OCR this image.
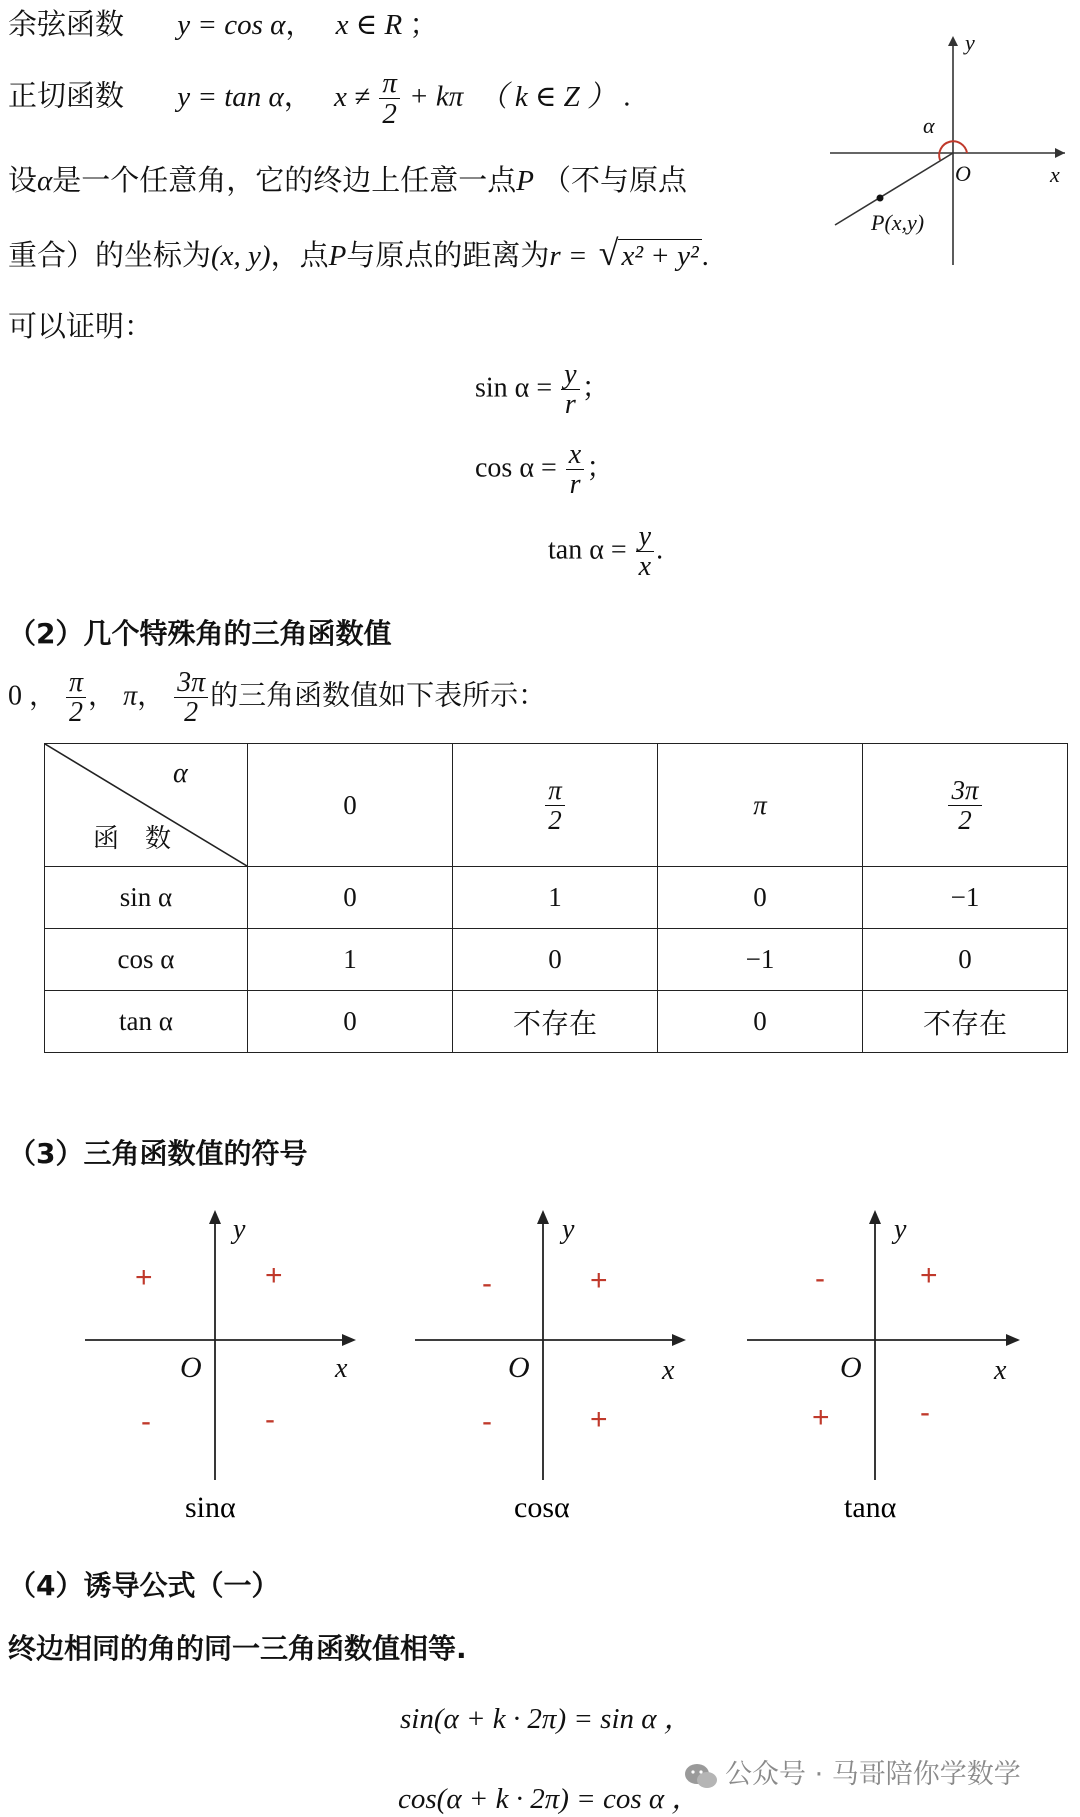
余弦函数 y = cos α， x ∈ R ；
正切函数 y = tan α， $x \ne \frac{\pi}{2} + k\pi$ （ k ∈ Z ） .
设α是一个任意角，它的终边上任意一点P （不与原点
重合）的坐标为(x, y)，点P与原点的距离为r = √ x² + y² .
可以证明：
α
y
x
O
P(x,y)
$\sin \alpha = \frac{y}{r}$ ；
$\cos \alpha = \frac{x}{r}$ ；
$\tan \alpha = \frac{y}{x}$ .
（2）几个特殊角的三角函数值
0 ， $\frac{\pi}{2}$ ， π， $\frac{3\pi}{2}$ 的三角函数值如下表所示：
α
函　数	0	$\frac{\pi}{2}$	π	$\frac{3\pi}{2}$

sin α	0	1	0	−1
cos α	1	0	−1	0
tan α	0	不存在	0	不存在
（3）三角函数值的符号
y
x
O
+
+
-	-
sinα
y
x
O
+
-
-	+
cosα
y
x
O
+
-
+	-
tanα
（4）诱导公式（一）
终边相同的角的同一三角函数值相等.
sin(α + k · 2π) = sin α ，
cos(α + k · 2π) = cos α ，
公众号 · 马哥陪你学数学
